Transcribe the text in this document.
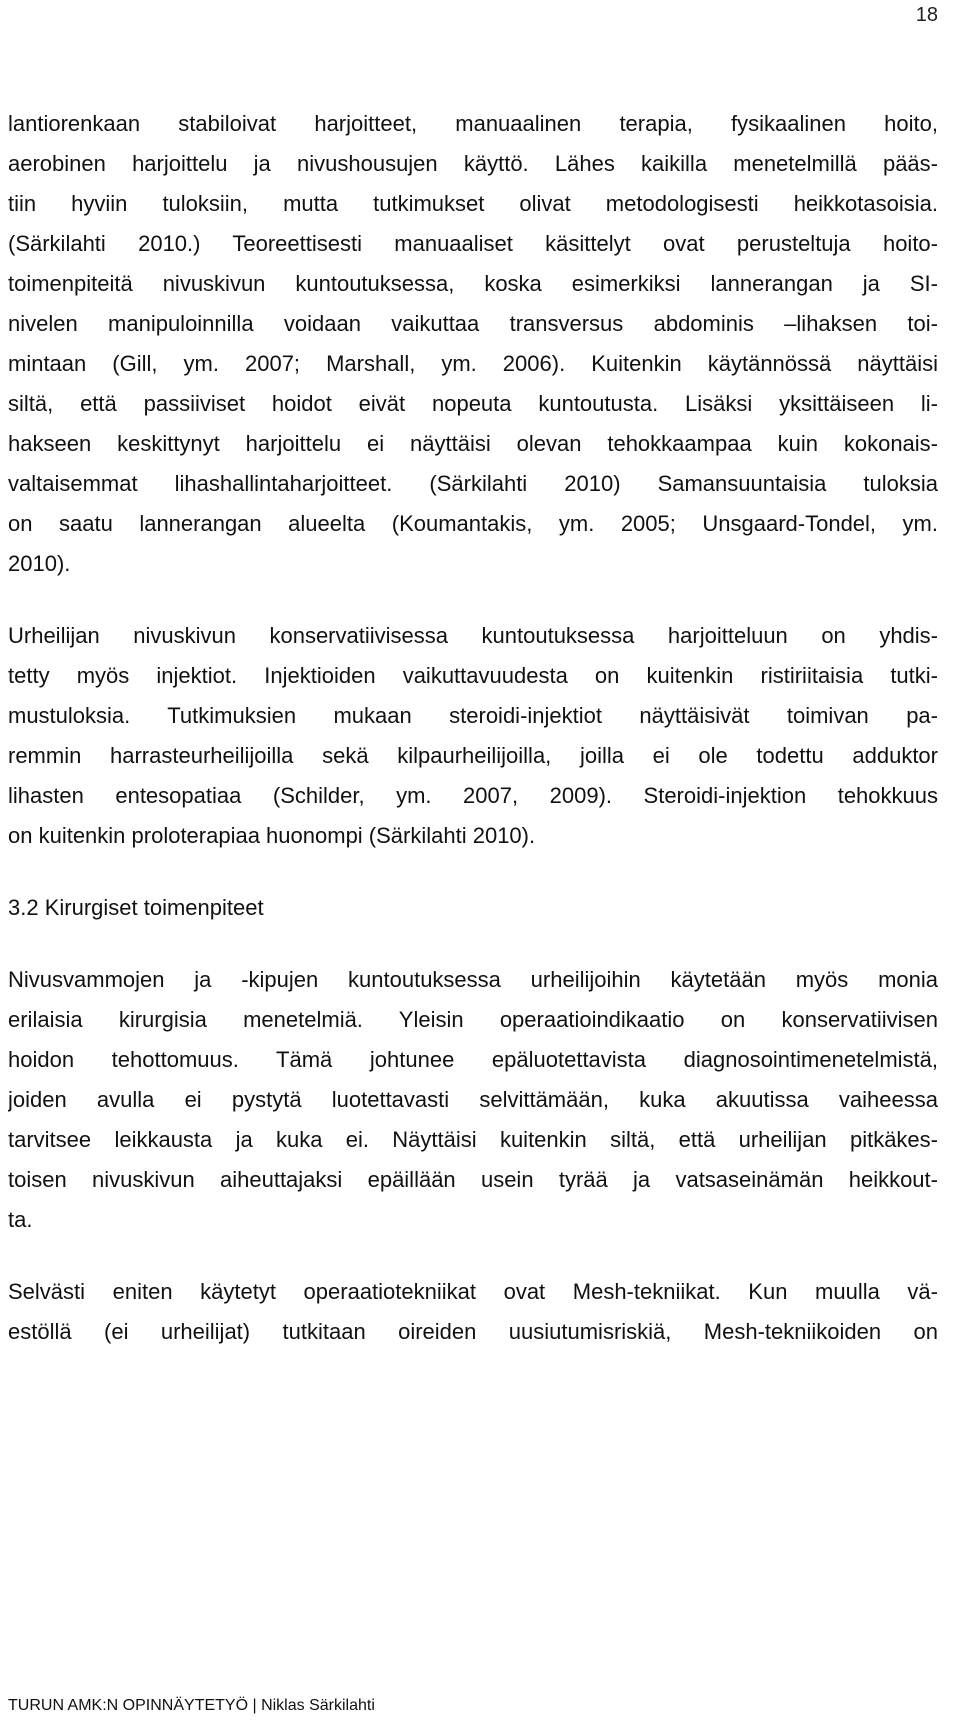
18
lantiorenkaan stabiloivat harjoitteet, manuaalinen terapia, fysikaalinen hoito,
aerobinen harjoittelu ja nivushousujen käyttö. Lähes kaikilla menetelmillä pääs-
tiin hyviin tuloksiin, mutta tutkimukset olivat metodologisesti heikkotasoisia.
(Särkilahti 2010.) Teoreettisesti manuaaliset käsittelyt ovat perusteltuja hoito-
toimenpiteitä nivuskivun kuntoutuksessa, koska esimerkiksi lannerangan ja SI-
nivelen manipuloinnilla voidaan vaikuttaa transversus abdominis –lihaksen toi-
mintaan (Gill, ym. 2007; Marshall, ym. 2006). Kuitenkin käytännössä näyttäisi
siltä, että passiiviset hoidot eivät nopeuta kuntoutusta. Lisäksi yksittäiseen li-
hakseen keskittynyt harjoittelu ei näyttäisi olevan tehokkaampaa kuin kokonais-
valtaisemmat lihashallintaharjoitteet. (Särkilahti 2010) Samansuuntaisia tuloksia
on saatu lannerangan alueelta (Koumantakis, ym. 2005; Unsgaard-Tondel, ym.
2010).
Urheilijan nivuskivun konservatiivisessa kuntoutuksessa harjoitteluun on yhdis-
tetty myös injektiot. Injektioiden vaikuttavuudesta on kuitenkin ristiriitaisia tutki-
mustuloksia. Tutkimuksien mukaan steroidi-injektiot näyttäisivät toimivan pa-
remmin harrasteurheilijoilla sekä kilpaurheilijoilla, joilla ei ole todettu adduktor
lihasten entesopatiaa (Schilder, ym. 2007, 2009). Steroidi-injektion tehokkuus
on kuitenkin proloterapiaa huonompi (Särkilahti 2010).
3.2 Kirurgiset toimenpiteet
Nivusvammojen ja -kipujen kuntoutuksessa urheilijoihin käytetään myös monia
erilaisia kirurgisia menetelmiä. Yleisin operaatioindikaatio on konservatiivisen
hoidon tehottomuus. Tämä johtunee epäluotettavista diagnosointimenetelmistä,
joiden avulla ei pystytä luotettavasti selvittämään, kuka akuutissa vaiheessa
tarvitsee leikkausta ja kuka ei. Näyttäisi kuitenkin siltä, että urheilijan pitkäkes-
toisen nivuskivun aiheuttajaksi epäillään usein tyrää ja vatsaseinämän heikkout-
ta.
Selvästi eniten käytetyt operaatiotekniikat ovat Mesh-tekniikat. Kun muulla vä-
estöllä (ei urheilijat) tutkitaan oireiden uusiutumisriskiä, Mesh-tekniikoiden on
TURUN AMK:N OPINNÄYTETYÖ | Niklas Särkilahti
